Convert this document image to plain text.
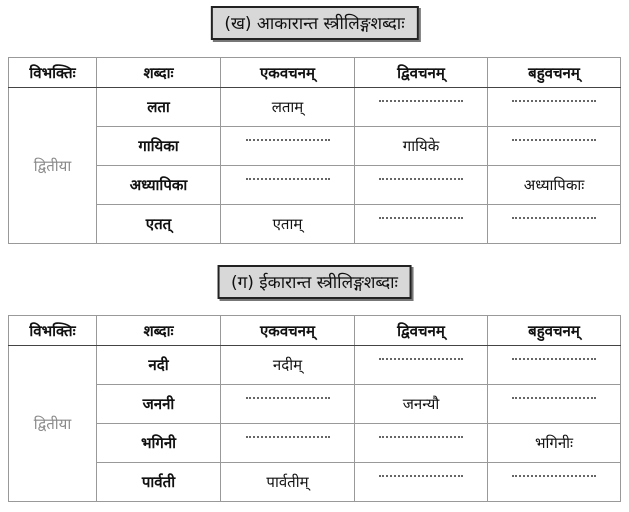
(ख) आकारान्त स्त्रीलिङ्गशब्दाः
विभक्तिः	शब्दाः	एकवचनम्	द्विवचनम्	बहुवचनम्
द्वितीया	लता	लताम्		
	गायिका		गायिके	
	अध्यापिका			अध्यापिकाः
	एतत्	एताम्		
(ग) ईकारान्त स्त्रीलिङ्गशब्दाः
विभक्तिः	शब्दाः	एकवचनम्	द्विवचनम्	बहुवचनम्
द्वितीया	नदी	नदीम्		
	जननी		जनन्यौ	
	भगिनी			भगिनीः
	पार्वती	पार्वतीम्		
